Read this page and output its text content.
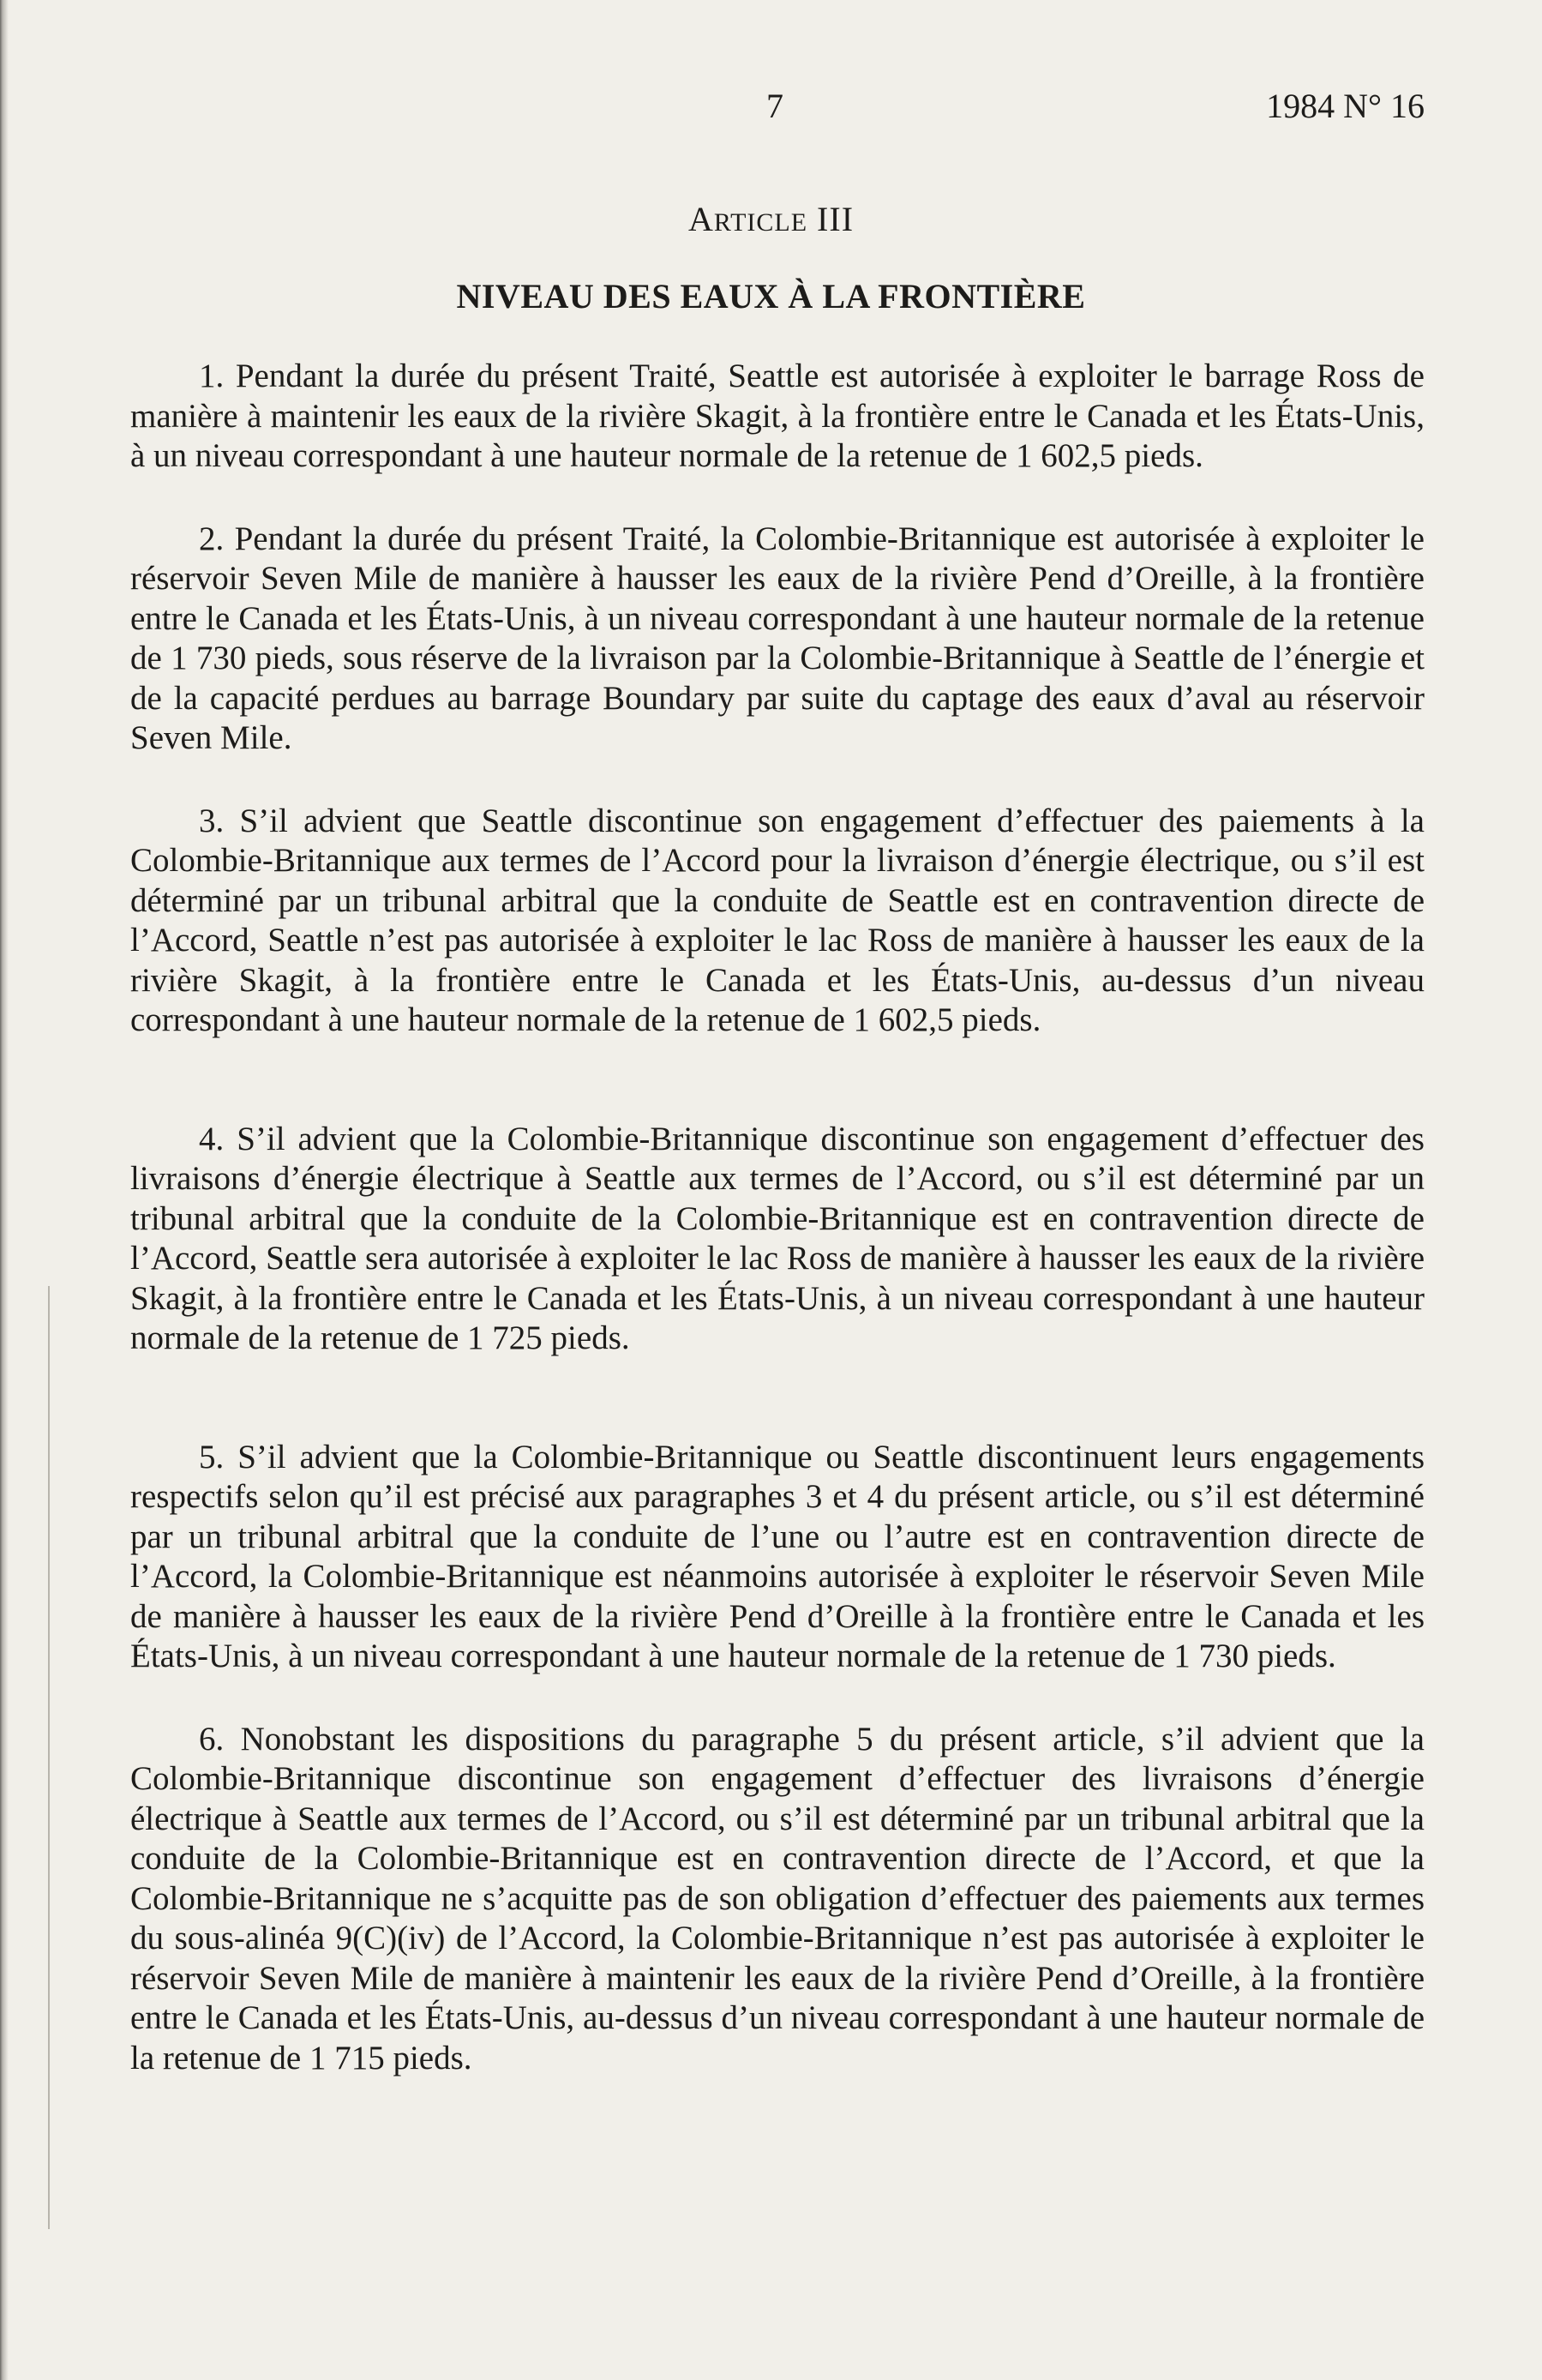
7	1984 N° 16
ARTICLE III
NIVEAU DES EAUX À LA FRONTIÈRE

1. Pendant la durée du présent Traité, Seattle est autorisée à exploiter le barrage Ross de manière à maintenir les eaux de la rivière Skagit, à la frontière entre le Canada et les États-Unis, à un niveau correspondant à une hauteur normale de la retenue de 1 602,5 pieds.

2. Pendant la durée du présent Traité, la Colombie-Britannique est autorisée à exploiter le réservoir Seven Mile de manière à hausser les eaux de la rivière Pend d’Oreille, à la frontière entre le Canada et les États-Unis, à un niveau correspondant à une hauteur normale de la retenue de 1 730 pieds, sous réserve de la livraison par la Colombie-Britannique à Seattle de l’énergie et de la capacité perdues au barrage Boundary par suite du captage des eaux d’aval au réservoir Seven Mile.

3. S’il advient que Seattle discontinue son engagement d’effectuer des paiements à la Colombie-Britannique aux termes de l’Accord pour la livraison d’énergie électrique, ou s’il est déterminé par un tribunal arbitral que la conduite de Seattle est en contravention directe de l’Accord, Seattle n’est pas autorisée à exploiter le lac Ross de manière à hausser les eaux de la rivière Skagit, à la frontière entre le Canada et les États-Unis, au-dessus d’un niveau correspondant à une hauteur normale de la retenue de 1 602,5 pieds.

4. S’il advient que la Colombie-Britannique discontinue son engagement d’effectuer des livraisons d’énergie électrique à Seattle aux termes de l’Accord, ou s’il est déterminé par un tribunal arbitral que la conduite de la Colombie-Britannique est en contravention directe de l’Accord, Seattle sera autorisée à exploiter le lac Ross de manière à hausser les eaux de la rivière Skagit, à la frontière entre le Canada et les États-Unis, à un niveau correspondant à une hauteur normale de la retenue de 1 725 pieds.

5. S’il advient que la Colombie-Britannique ou Seattle discontinuent leurs engagements respectifs selon qu’il est précisé aux paragraphes 3 et 4 du présent article, ou s’il est déterminé par un tribunal arbitral que la conduite de l’une ou l’autre est en contravention directe de l’Accord, la Colombie-Britannique est néanmoins autorisée à exploiter le réservoir Seven Mile de manière à hausser les eaux de la rivière Pend d’Oreille à la frontière entre le Canada et les États-Unis, à un niveau correspondant à une hauteur normale de la retenue de 1 730 pieds.

6. Nonobstant les dispositions du paragraphe 5 du présent article, s’il advient que la Colombie-Britannique discontinue son engagement d’effectuer des livraisons d’énergie électrique à Seattle aux termes de l’Accord, ou s’il est déterminé par un tribunal arbitral que la conduite de la Colombie-Britannique est en contravention directe de l’Accord, et que la Colombie-Britannique ne s’acquitte pas de son obligation d’effectuer des paiements aux termes du sous-alinéa 9(C)(iv) de l’Accord, la Colombie-Britannique n’est pas autorisée à exploiter le réservoir Seven Mile de manière à maintenir les eaux de la rivière Pend d’Oreille, à la frontière entre le Canada et les États-Unis, au-dessus d’un niveau correspondant à une hauteur normale de la retenue de 1 715 pieds.
